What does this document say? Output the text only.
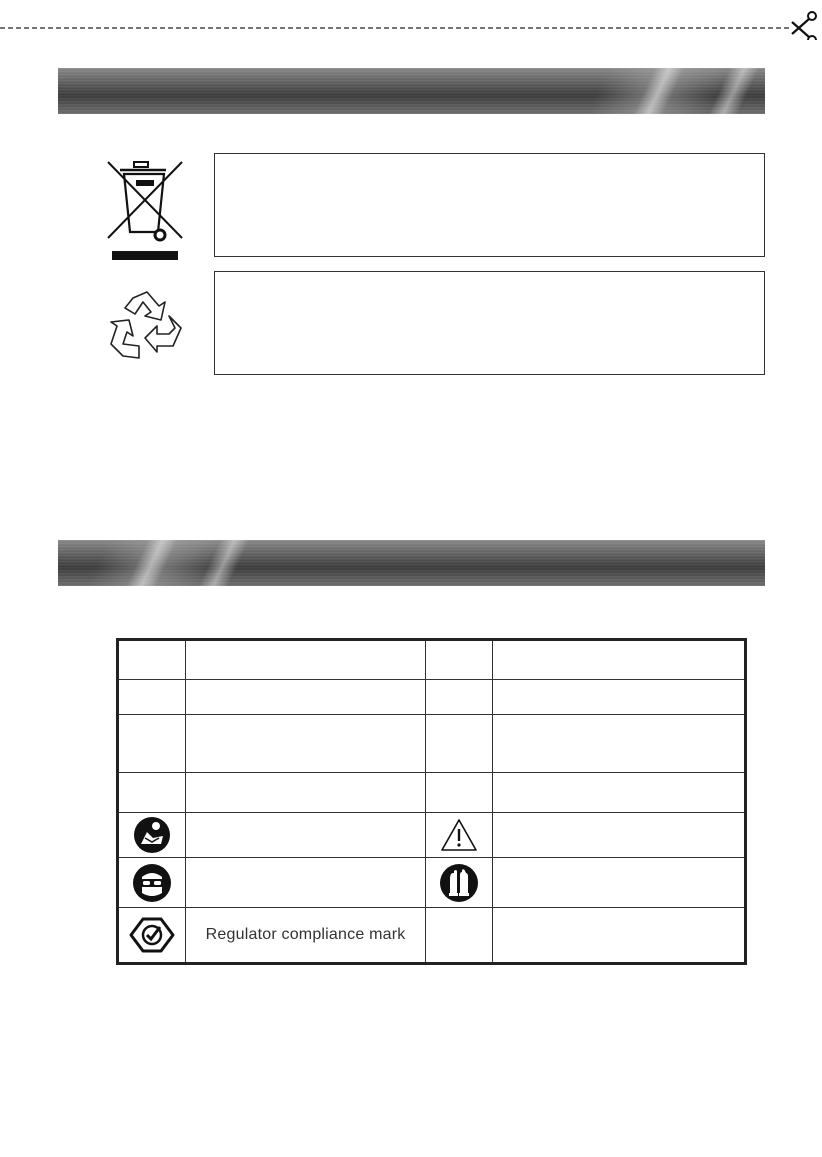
Regulator compliance mark		
